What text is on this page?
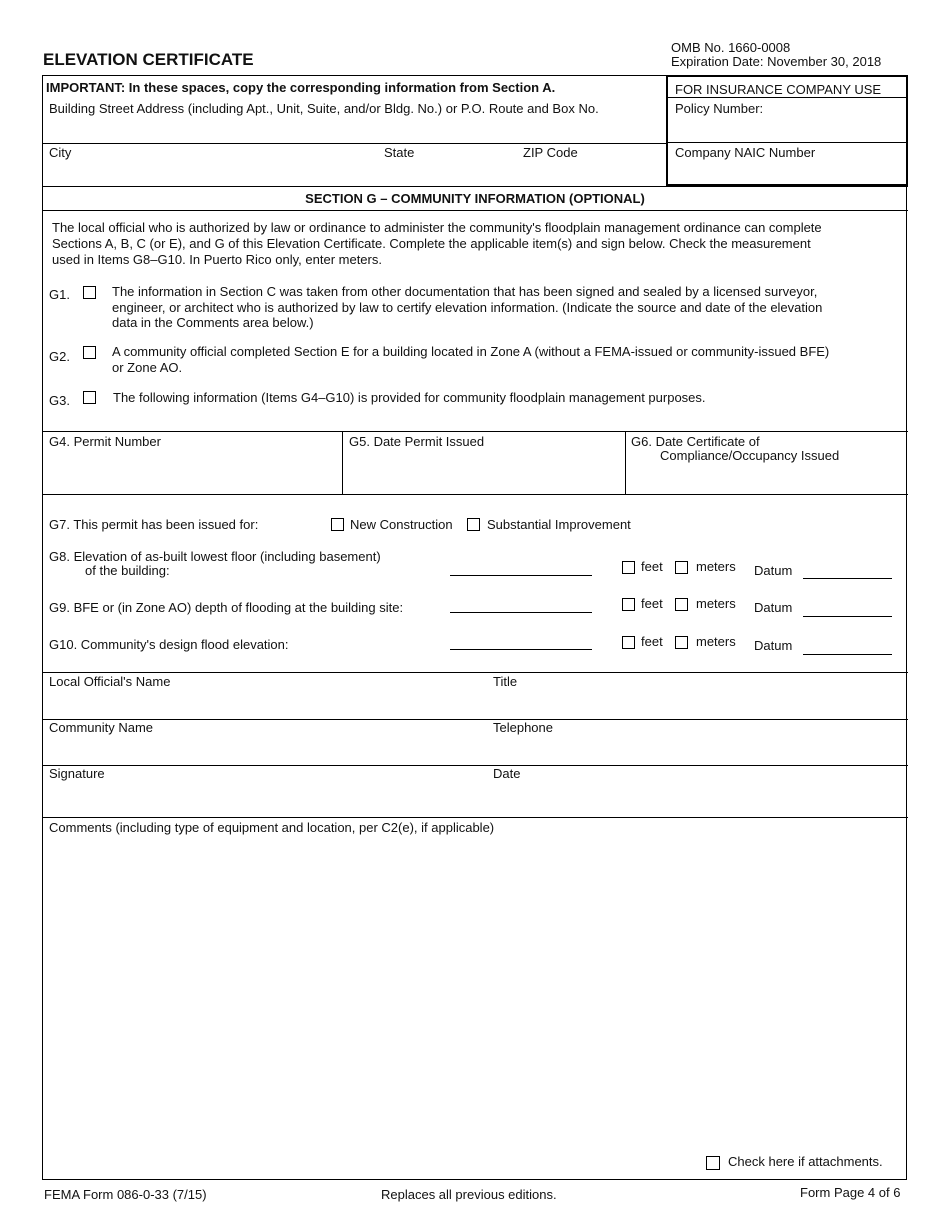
ELEVATION CERTIFICATE
OMB No. 1660-0008
Expiration Date: November 30, 2018
IMPORTANT: In these spaces, copy the corresponding information from Section A.
Building Street Address (including Apt., Unit, Suite, and/or Bldg. No.) or P.O. Route and Box No.
City	State	ZIP Code
FOR INSURANCE COMPANY USE
Policy Number:
Company NAIC Number
SECTION G – COMMUNITY INFORMATION (OPTIONAL)
The local official who is authorized by law or ordinance to administer the community's floodplain management ordinance can complete
Sections A, B, C (or E), and G of this Elevation Certificate. Complete the applicable item(s) and sign below. Check the measurement
used in Items G8–G10. In Puerto Rico only, enter meters.
G1.	The information in Section C was taken from other documentation that has been signed and sealed by a licensed surveyor,
engineer, or architect who is authorized by law to certify elevation information. (Indicate the source and date of the elevation
data in the Comments area below.)
G2.	A community official completed Section E for a building located in Zone A (without a FEMA-issued or community-issued BFE)
or Zone AO.
G3.	The following information (Items G4–G10) is provided for community floodplain management purposes.
G4. Permit Number	G5. Date Permit Issued	G6. Date Certificate of
Compliance/Occupancy Issued
G7. This permit has been issued for:	New Construction	Substantial Improvement
G8. Elevation of as-built lowest floor (including basement)
of the building:	feet	meters Datum
G9. BFE or (in Zone AO) depth of flooding at the building site:	feet	meters Datum
G10. Community's design flood elevation:	feet	meters Datum
Local Official's Name	Title
Community Name	Telephone
Signature	Date
Comments (including type of equipment and location, per C2(e), if applicable)
Check here if attachments.
FEMA Form 086-0-33 (7/15)	Replaces all previous editions.	Form Page 4 of 6
